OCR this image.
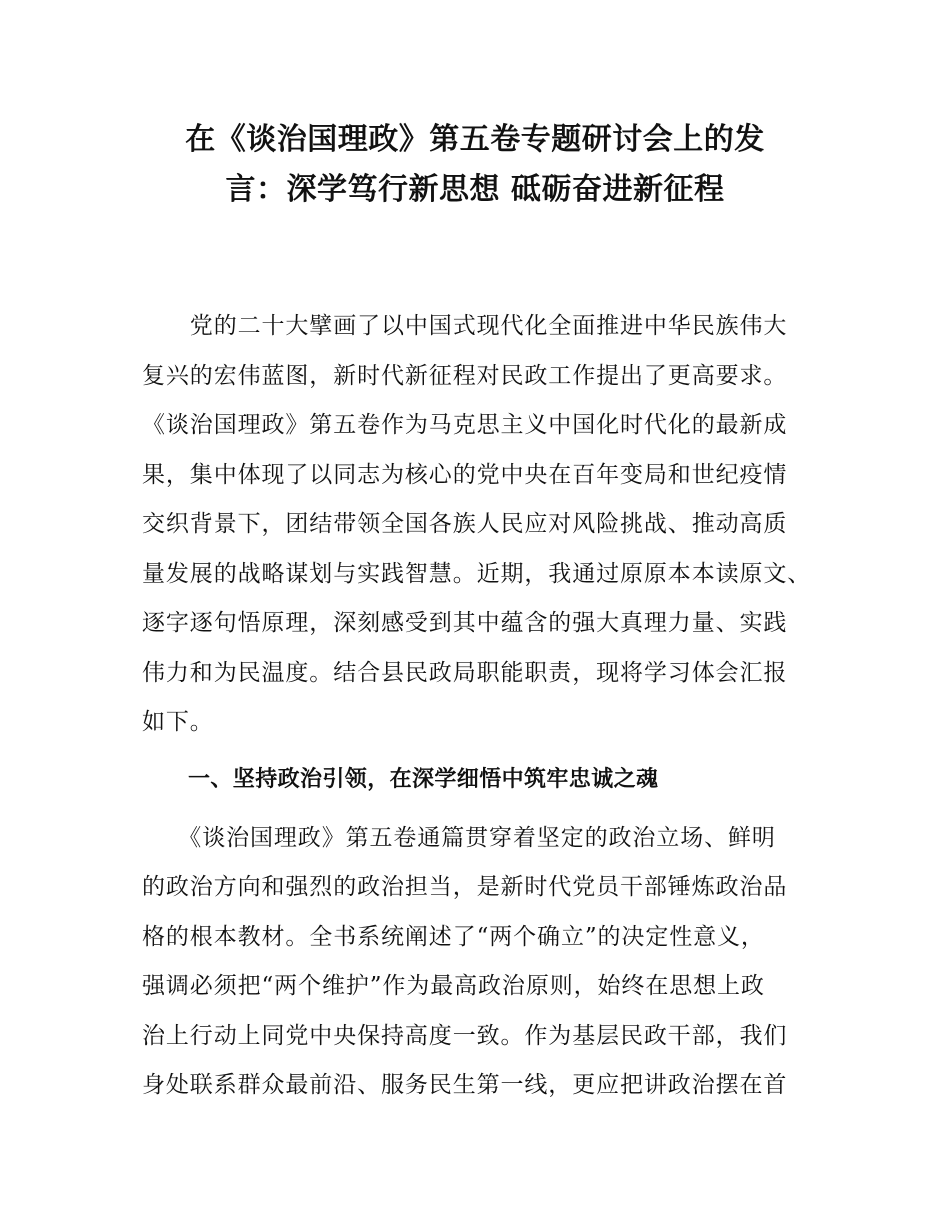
在《谈治国理政》第五卷专题研讨会上的发
言：深学笃行新思想 砥砺奋进新征程
　　党的二十大擘画了以中国式现代化全面推进中华民族伟大
复兴的宏伟蓝图，新时代新征程对民政工作提出了更高要求。
《谈治国理政》第五卷作为马克思主义中国化时代化的最新成
果，集中体现了以同志为核心的党中央在百年变局和世纪疫情
交织背景下，团结带领全国各族人民应对风险挑战、推动高质
量发展的战略谋划与实践智慧。近期，我通过原原本本读原文、
逐字逐句悟原理，深刻感受到其中蕴含的强大真理力量、实践
伟力和为民温度。结合县民政局职能职责，现将学习体会汇报
如下。
一、坚持政治引领，在深学细悟中筑牢忠诚之魂
　　《谈治国理政》第五卷通篇贯穿着坚定的政治立场、鲜明
的政治方向和强烈的政治担当，是新时代党员干部锤炼政治品
格的根本教材。全书系统阐述了“两个确立”的决定性意义，
强调必须把“两个维护”作为最高政治原则，始终在思想上政
治上行动上同党中央保持高度一致。作为基层民政干部，我们
身处联系群众最前沿、服务民生第一线，更应把讲政治摆在首
